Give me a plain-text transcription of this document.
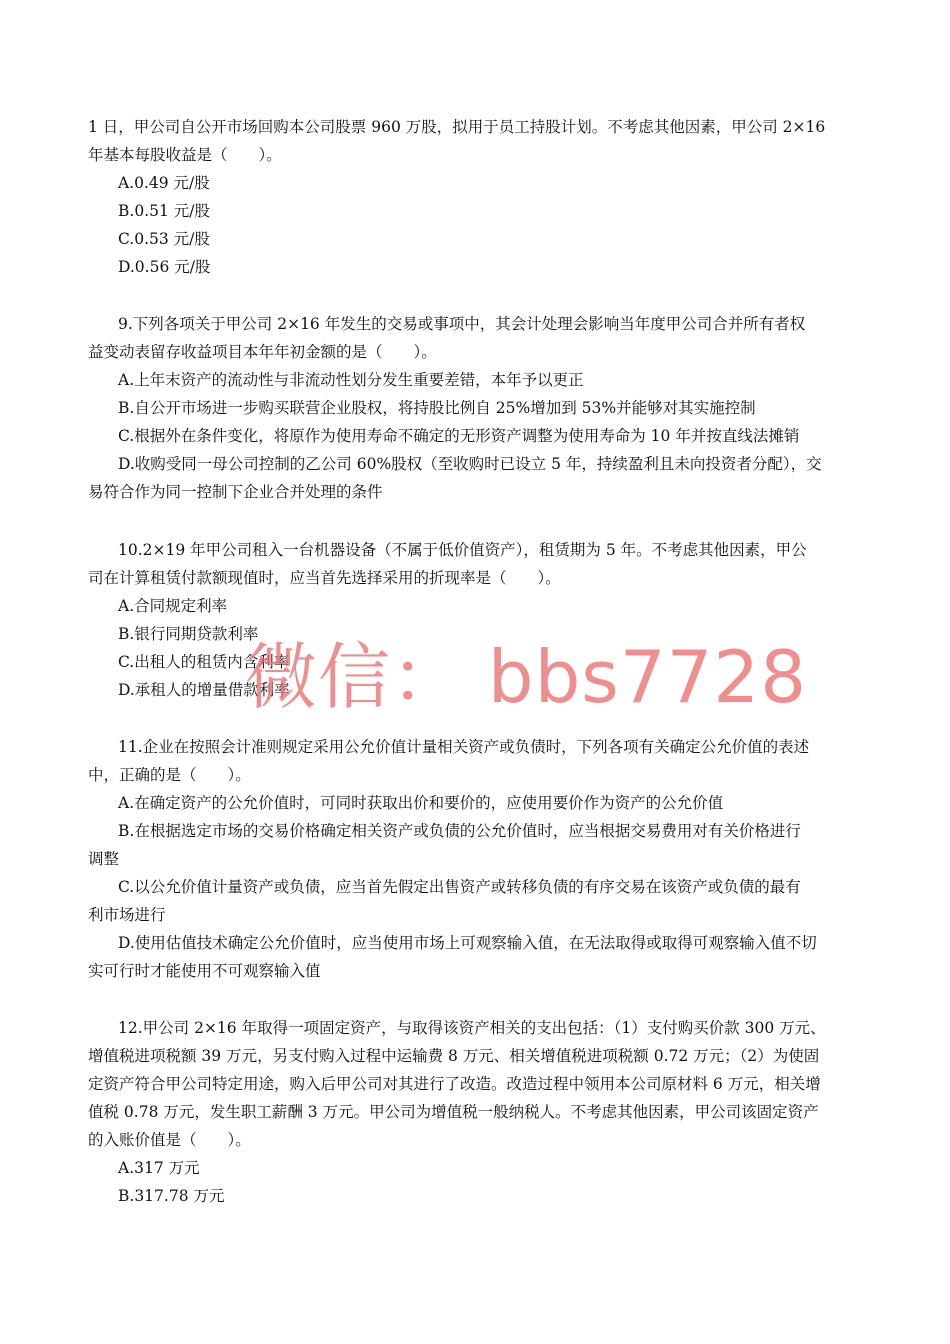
1 日，甲公司自公开市场回购本公司股票 960 万股，拟用于员工持股计划。不考虑其他因素，甲公司 2×16
年基本每股收益是（　　）。
A.0.49 元/股
B.0.51 元/股
C.0.53 元/股
D.0.56 元/股
9.下列各项关于甲公司 2×16 年发生的交易或事项中，其会计处理会影响当年度甲公司合并所有者权
益变动表留存收益项目本年年初金额的是（　　）。
A.上年末资产的流动性与非流动性划分发生重要差错，本年予以更正
B.自公开市场进一步购买联营企业股权，将持股比例自 25%增加到 53%并能够对其实施控制
C.根据外在条件变化，将原作为使用寿命不确定的无形资产调整为使用寿命为 10 年并按直线法摊销
D.收购受同一母公司控制的乙公司 60%股权（至收购时已设立 5 年，持续盈利且未向投资者分配），交
易符合作为同一控制下企业合并处理的条件
10.2×19 年甲公司租入一台机器设备（不属于低价值资产），租赁期为 5 年。不考虑其他因素，甲公
司在计算租赁付款额现值时，应当首先选择采用的折现率是（　　）。
A.合同规定利率
B.银行同期贷款利率
C.出租人的租赁内含利率
D.承租人的增量借款利率
11.企业在按照会计准则规定采用公允价值计量相关资产或负债时，下列各项有关确定公允价值的表述
中，正确的是（　　）。
A.在确定资产的公允价值时，可同时获取出价和要价的，应使用要价作为资产的公允价值
B.在根据选定市场的交易价格确定相关资产或负债的公允价值时，应当根据交易费用对有关价格进行
调整
C.以公允价值计量资产或负债，应当首先假定出售资产或转移负债的有序交易在该资产或负债的最有
利市场进行
D.使用估值技术确定公允价值时，应当使用市场上可观察输入值，在无法取得或取得可观察输入值不切
实可行时才能使用不可观察输入值
12.甲公司 2×16 年取得一项固定资产，与取得该资产相关的支出包括：（1）支付购买价款 300 万元、
增值税进项税额 39 万元，另支付购入过程中运输费 8 万元、相关增值税进项税额 0.72 万元；（2）为使固
定资产符合甲公司特定用途，购入后甲公司对其进行了改造。改造过程中领用本公司原材料 6 万元，相关增
值税 0.78 万元，发生职工薪酬 3 万元。甲公司为增值税一般纳税人。不考虑其他因素，甲公司该固定资产
的入账价值是（　　）。
A.317 万元
B.317.78 万元
微信： bbs7728
